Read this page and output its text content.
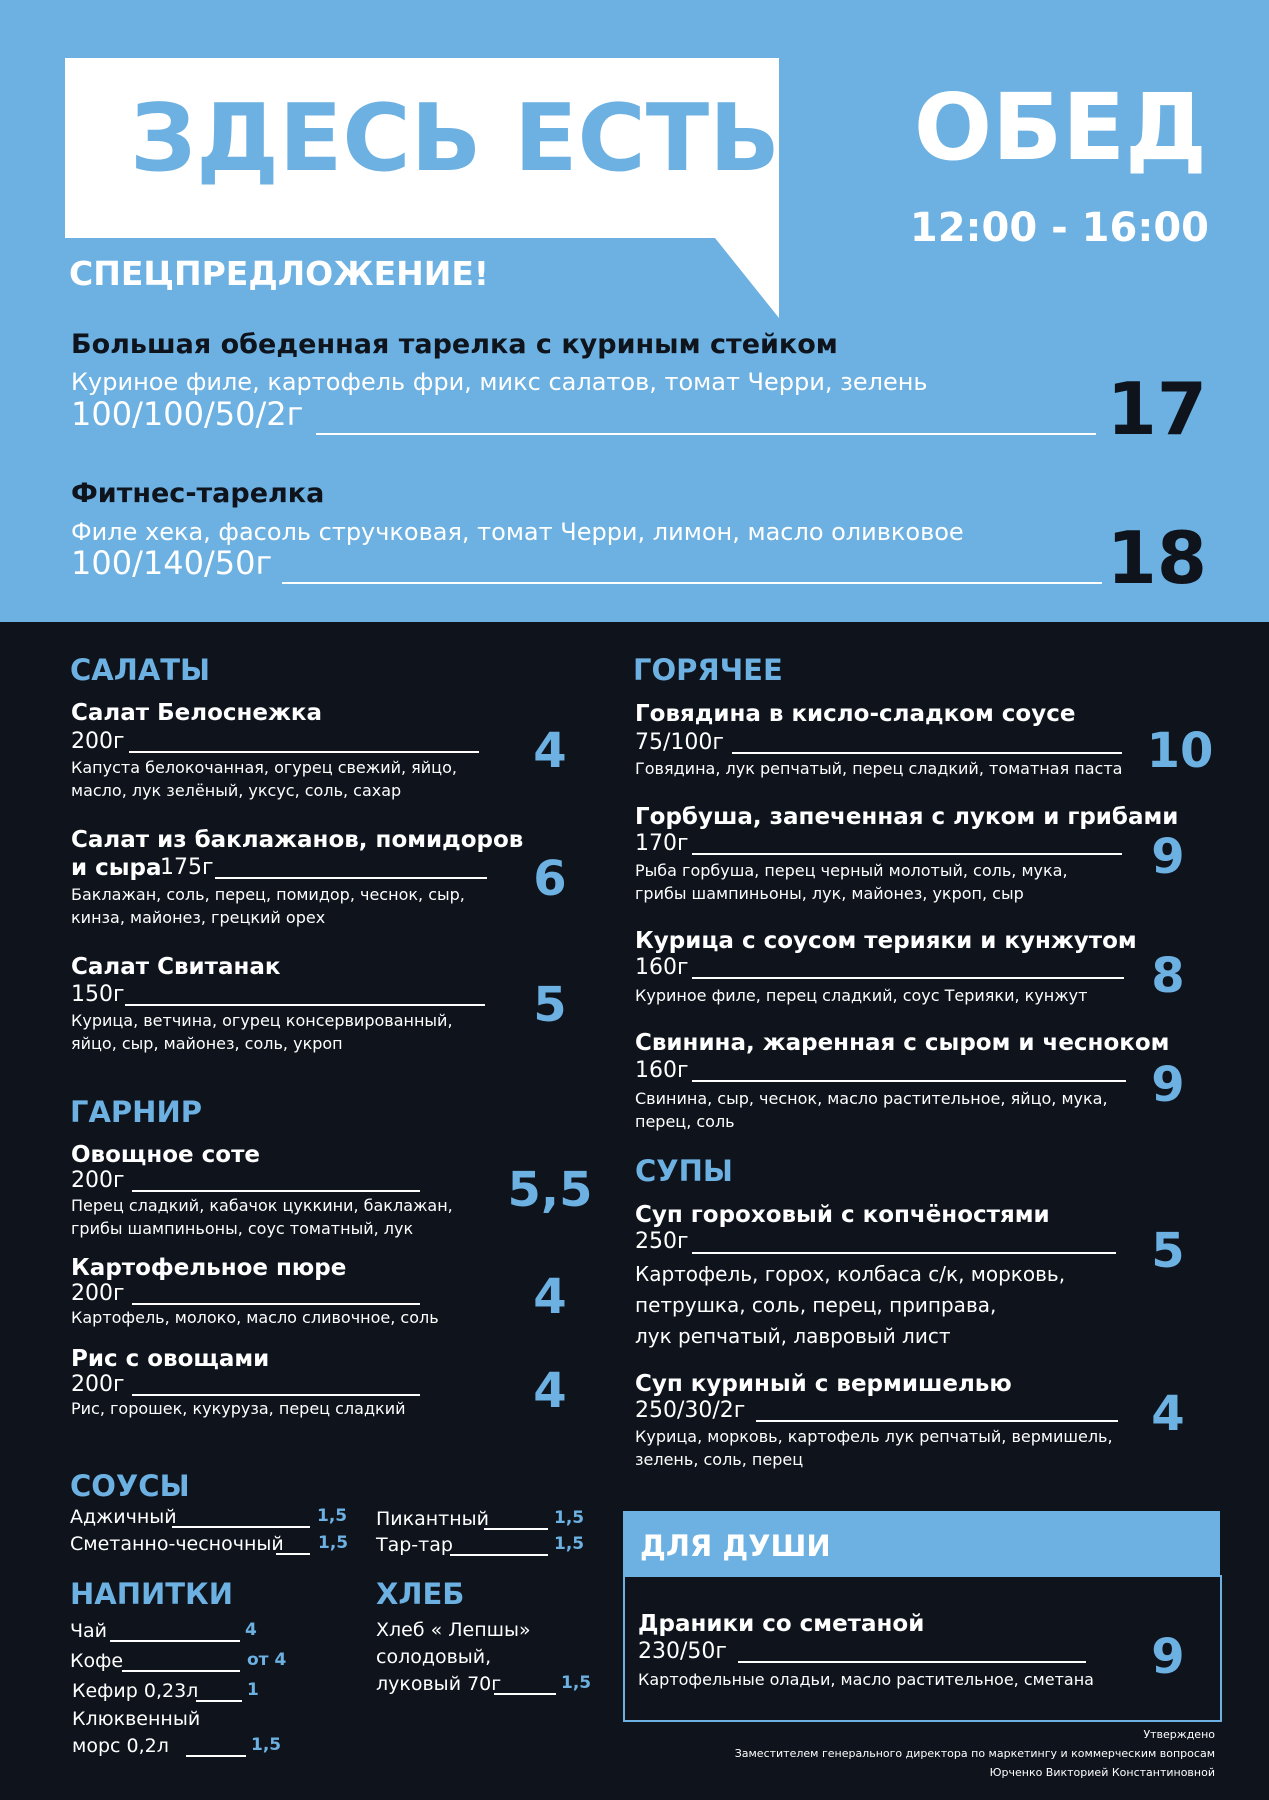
ЗДЕСЬ ЕСТЬ!
СПЕЦПРЕДЛОЖЕНИЕ!
ОБЕД
12:00 - 16:00
Большая обеденная тарелка с куриным стейком
Куриное филе, картофель фри, микс салатов, томат Черри, зелень
100/100/50/2г	17
Фитнес-тарелка
Филе хека, фасоль стручковая, томат Черри, лимон, масло оливковое
100/140/50г	18
САЛАТЫ
Салат Белоснежка
200г
Капуста белокочанная, огурец свежий, яйцо,
масло, лук зелёный, уксус, соль, сахар
4
Салат из баклажанов, помидоров
и сыра
175г
Баклажан, соль, перец, помидор, чеснок, сыр,
кинза, майонез, грецкий орех
6
Салат Свитанак
150г
Курица, ветчина, огурец консервированный,
яйцо, сыр, майонез, соль, укроп
5
ГАРНИР
Овощное соте
200г
Перец сладкий, кабачок цуккини, баклажан,
грибы шампиньоны, соус томатный, лук
5,5
Картофельное пюре
200г
Картофель, молоко, масло сливочное, соль	4
Рис с овощами
200г
Рис, горошек, кукуруза, перец сладкий	4
СОУСЫ
Аджичный	1,5
Сметанно-чесночный 1,5
Пикантный	1,5
Тар-тар	1,5
НАПИТКИ
Чай	4
Кофе	от 4
Кефир 0,23л	1
Клюквенный
морс 0,2л	1,5
ХЛЕБ
Хлеб « Лепшы»
солодовый,
луковый 70г	1,5
ГОРЯЧЕЕ
Говядина в кисло-сладком соусе
75/100г
Говядина, лук репчатый, перец сладкий, томатная паста 10
Горбуша, запеченная с луком и грибами
170г
Рыба горбуша, перец черный молотый, соль, мука,
грибы шампиньоны, лук, майонез, укроп, сыр
9
Курица с соусом терияки и кунжутом
160г
Куриное филе, перец сладкий, соус Терияки, кунжут	8
Свинина, жаренная с сыром и чесноком
160г
Свинина, сыр, чеснок, масло растительное, яйцо, мука,
перец, соль
9
СУПЫ
Суп гороховый с копчёностями
250г
Картофель, горох, колбаса с/к, морковь,
петрушка, соль, перец, приправа,
лук репчатый, лавровый лист
5
Суп куриный с вермишелью
250/30/2г
Курица, морковь, картофель лук репчатый, вермишель,
зелень, соль, перец
4
ДЛЯ ДУШИ
Драники со сметаной
230/50г
Картофельные оладьи, масло растительное, сметана	9
Утверждено
Заместителем генерального директора по маркетингу и коммерческим вопросам
Юрченко Викторией Константиновной
